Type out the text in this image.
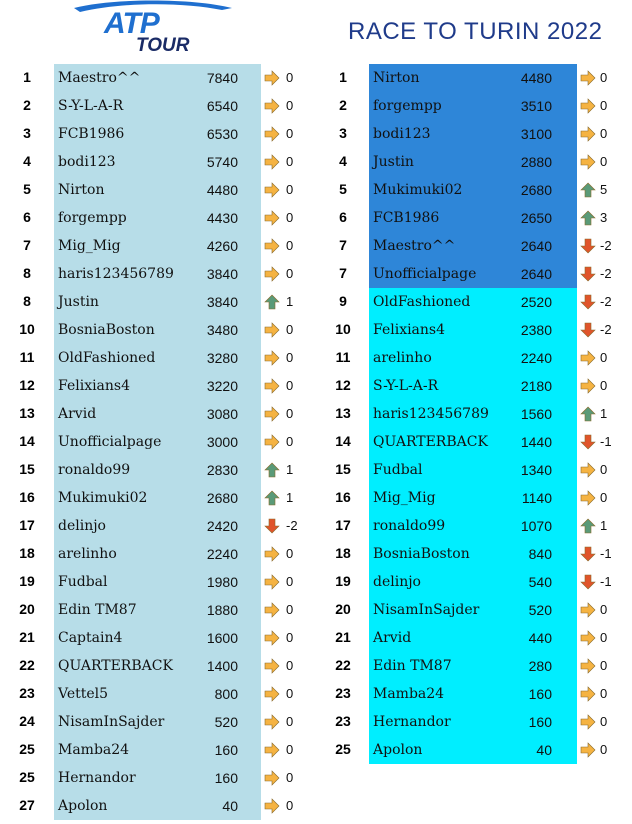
ATP
TOUR
RACE TO TURIN 2022
1	Maestro^^	7840	0
2	S-Y-L-A-R	6540	0
3	FCB1986	6530	0
4	bodi123	5740	0
5	Nirton	4480	0
6	forgempp	4430	0
7	Mig_Mig	4260	0
8	haris123456789	3840	0
8	Justin	3840	1
10 BosniaBoston	3480	0
11 OldFashioned	3280	0
12 Felixians4	3220	0
13 Arvid	3080	0
14 Unofficialpage	3000	0
15 ronaldo99	2830	1
16 Mukimuki02	2680	1
17 delinjo	2420	-2
18 arelinho	2240	0
19 Fudbal	1980	0
20 Edin TM87	1880	0
21 Captain4	1600	0
22 QUARTERBACK	1400	0
23 Vettel5	800	0
24 NisamInSajder	520	0
25 Mamba24	160	0
25 Hernandor	160	0
27 Apolon	40	0
1	Nirton	4480	0
2	forgempp	3510	0
3	bodi123	3100	0
4	Justin	2880	0
5	Mukimuki02	2680	5
6	FCB1986	2650	3
7	Maestro^^	2640	-2
7	Unofficialpage	2640	-2
9	OldFashioned	2520	-2
10 Felixians4	2380	-2
11 arelinho	2240	0
12 S-Y-L-A-R	2180	0
13 haris123456789	1560	1
14 QUARTERBACK	1440	-1
15 Fudbal	1340	0
16 Mig_Mig	1140	0
17 ronaldo99	1070	1
18 BosniaBoston	840	-1
19 delinjo	540	-1
20 NisamInSajder	520	0
21 Arvid	440	0
22 Edin TM87	280	0
23 Mamba24	160	0
23 Hernandor	160	0
25 Apolon	40	0
